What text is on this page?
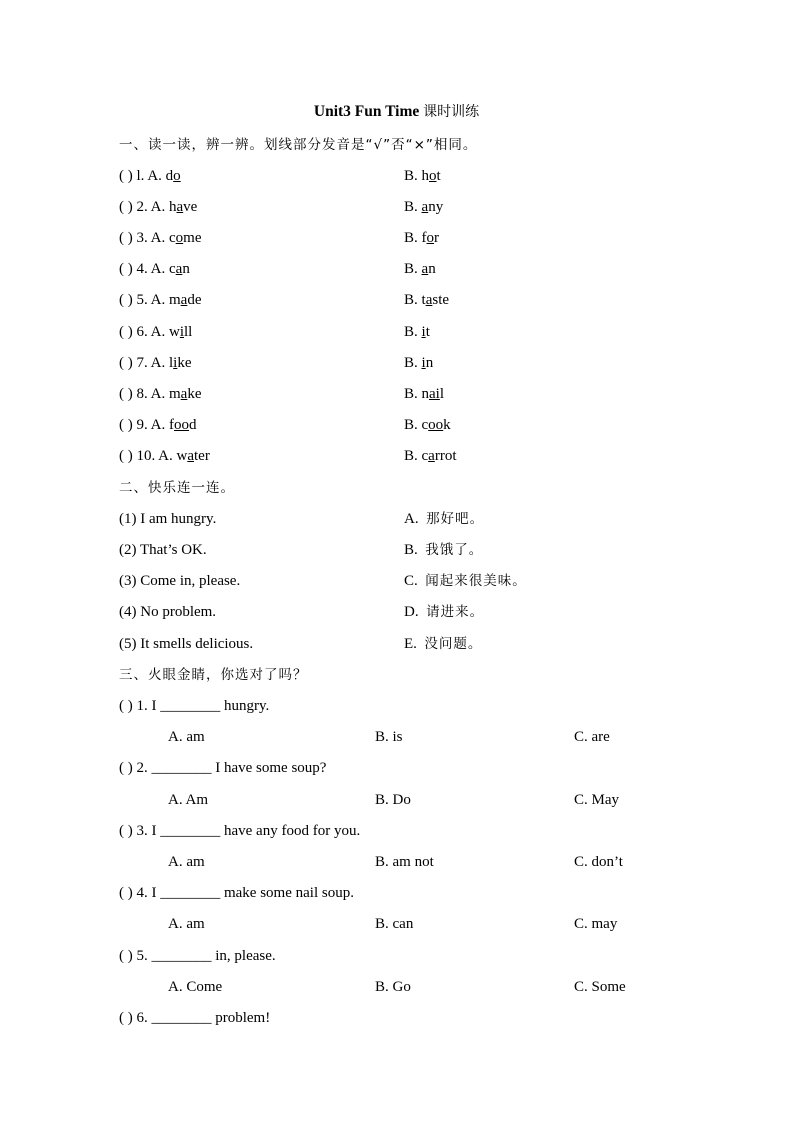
Unit3 Fun Time 课时训练
一、读一读，辨一辨。划线部分发音是“√”否“×”相同。
( ) l. A. do	B. hot
( ) 2. A. have	B. any
( ) 3. A. come	B. for
( ) 4. A. can	B. an
( ) 5. A. made	B. taste
( ) 6. A. will	B. it
( ) 7. A. like	B. in
( ) 8. A. make	B. nail
( ) 9. A. food	B. cook
( ) 10. A. water	B. carrot
二、快乐连一连。
(1) I am hungry.	A. 那好吧。
(2) That’s OK.	B. 我饿了。
(3) Come in, please.	C. 闻起来很美味。
(4) No problem.	D. 请进来。
(5) It smells delicious.	E. 没问题。
三、火眼金睛，你选对了吗？
( ) 1. I ________ hungry.
A. am	B. is	C. are
( ) 2. ________ I have some soup?
A. Am	B. Do	C. May
( ) 3. I ________ have any food for you.
A. am	B. am not	C. don’t
( ) 4. I ________ make some nail soup.
A. am	B. can	C. may
( ) 5. ________ in, please.
A. Come	B. Go	C. Some
( ) 6. ________ problem!
